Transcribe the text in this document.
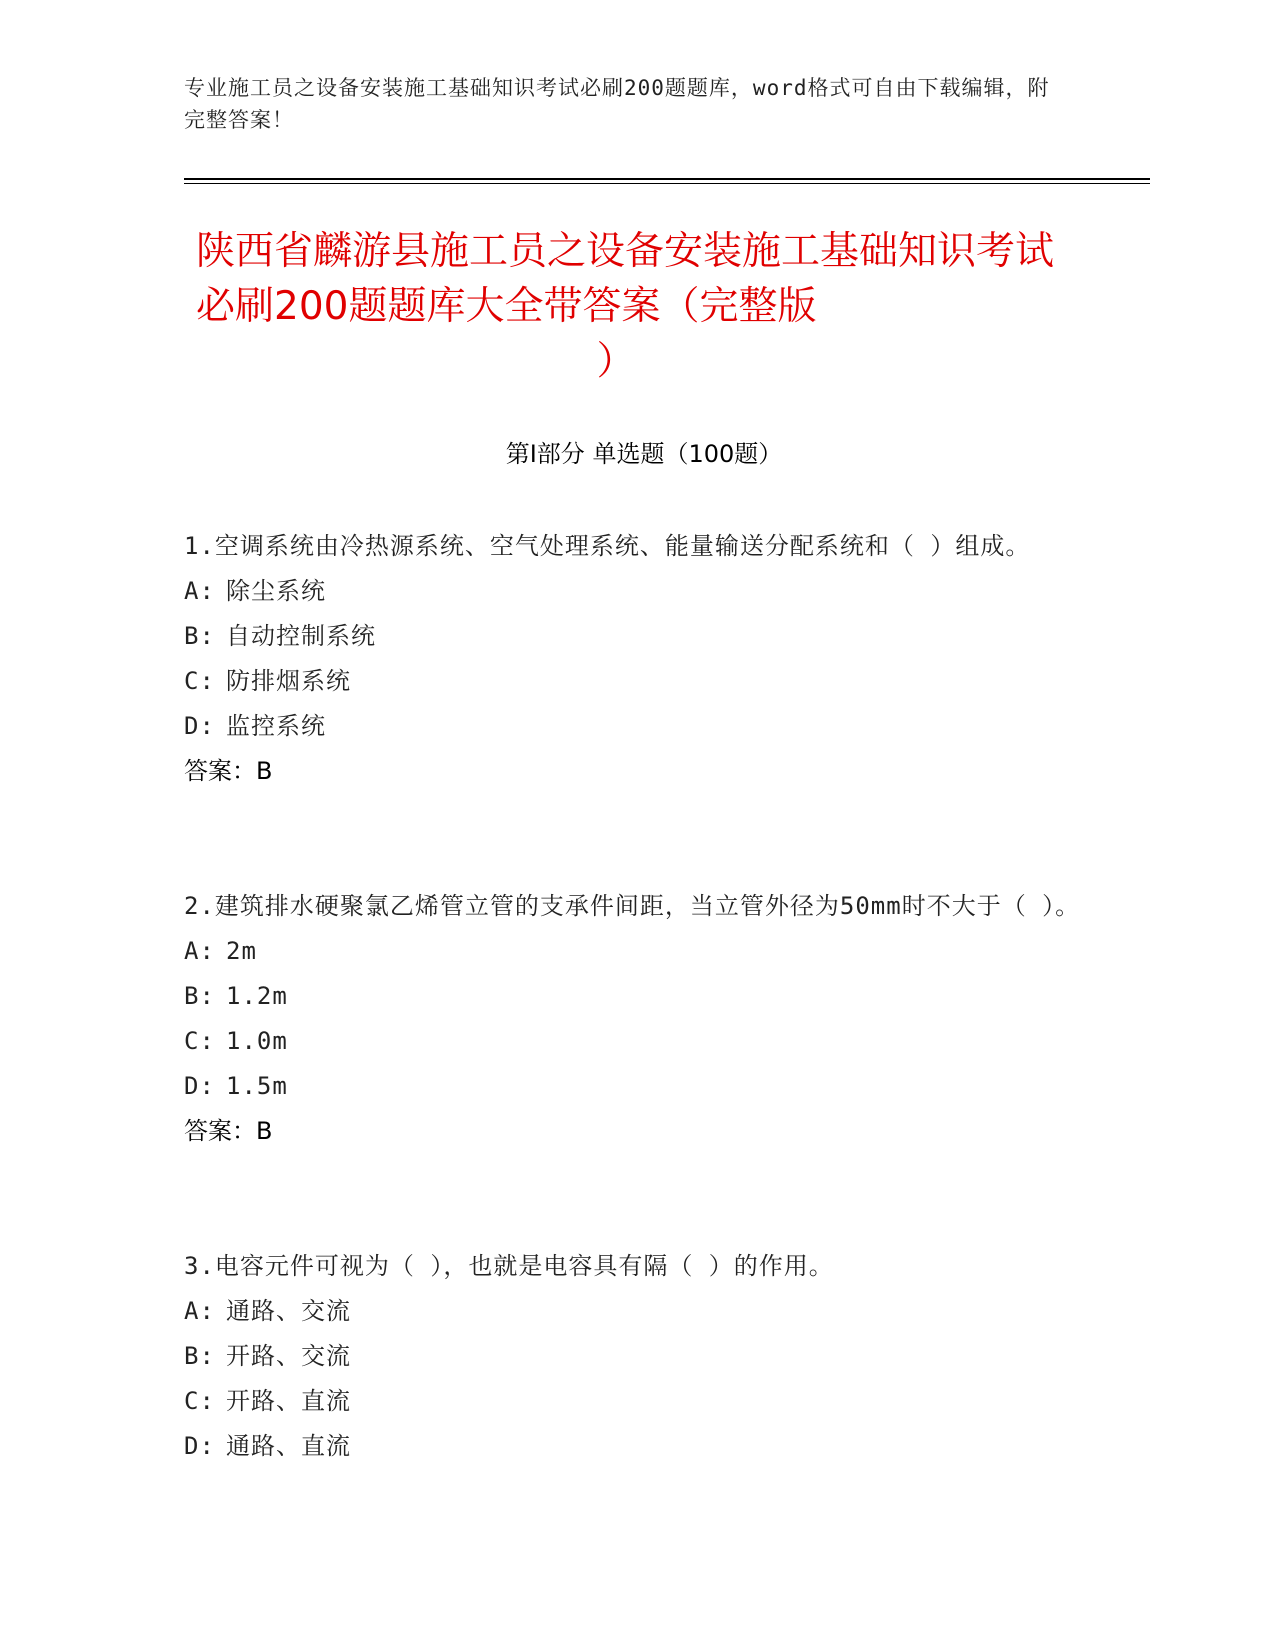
专业施工员之设备安装施工基础知识考试必刷200题题库，word格式可自由下载编辑，附完整答案！
陕西省麟游县施工员之设备安装施工基础知识考试必刷200题题库大全带答案（完整版
）
第Ⅰ部分 单选题（100题）

1.空调系统由冷热源系统、空气处理系统、能量输送分配系统和（ ）组成。

A: 除尘系统

B: 自动控制系统

C: 防排烟系统

D: 监控系统

答案：B

2.建筑排水硬聚氯乙烯管立管的支承件间距，当立管外径为50mm时不大于（ ）。

A: 2m

B: 1.2m

C: 1.0m

D: 1.5m

答案：B

3.电容元件可视为（ ），也就是电容具有隔（ ）的作用。

A: 通路、交流

B: 开路、交流

C: 开路、直流

D: 通路、直流
